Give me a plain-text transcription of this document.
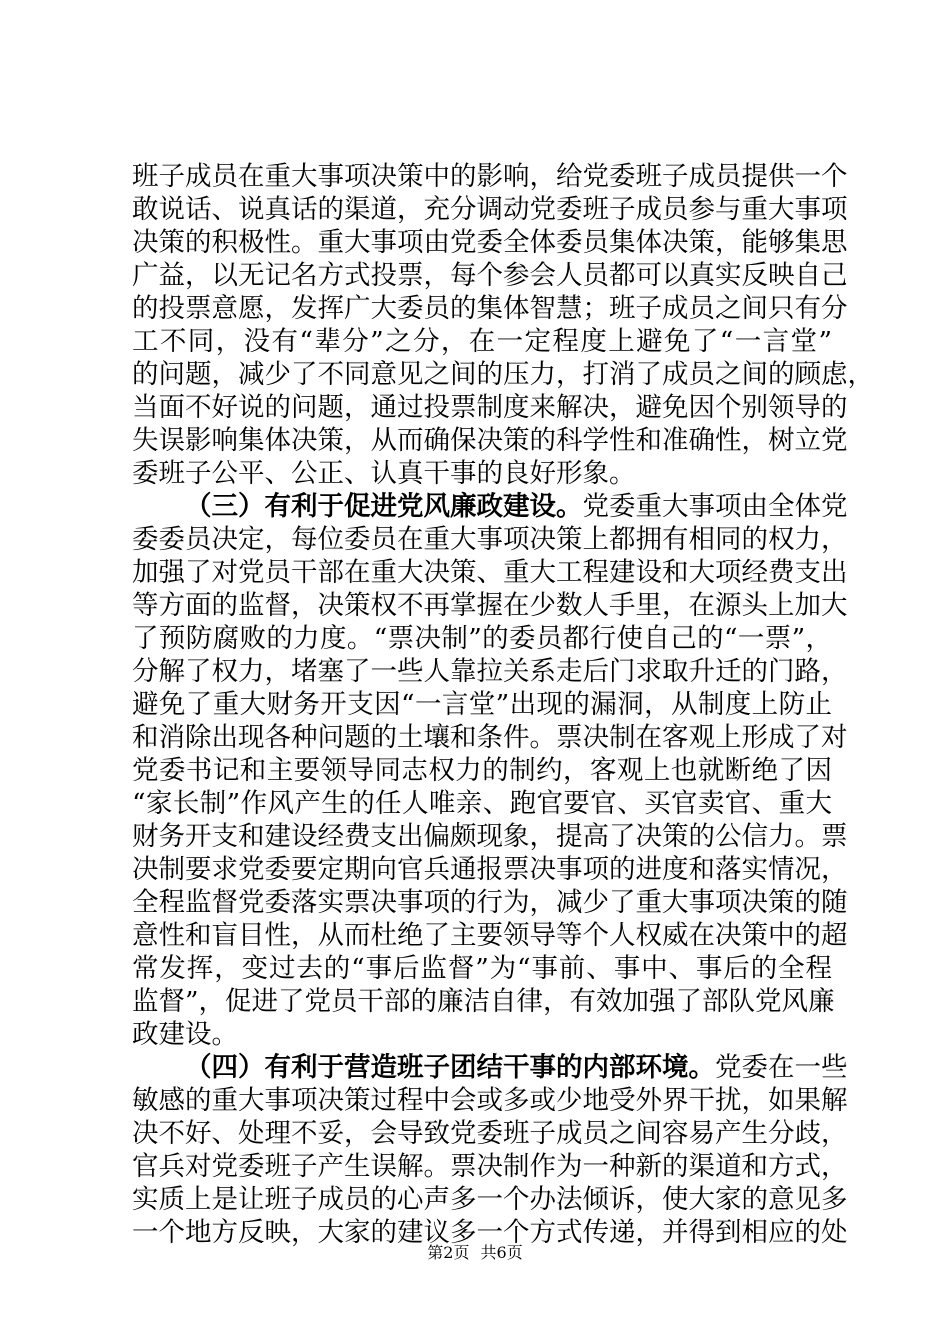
班子成员在重大事项决策中的影响，给党委班子成员提供一个
敢说话、说真话的渠道，充分调动党委班子成员参与重大事项
决策的积极性。重大事项由党委全体委员集体决策，能够集思
广益，以无记名方式投票，每个参会人员都可以真实反映自己
的投票意愿，发挥广大委员的集体智慧；班子成员之间只有分
工不同，没有“辈分”之分，在一定程度上避免了“一言堂”
的问题，减少了不同意见之间的压力，打消了成员之间的顾虑，
当面不好说的问题，通过投票制度来解决，避免因个别领导的
失误影响集体决策，从而确保决策的科学性和准确性，树立党
委班子公平、公正、认真干事的良好形象。
（三）有利于促进党风廉政建设。党委重大事项由全体党
委委员决定，每位委员在重大事项决策上都拥有相同的权力，
加强了对党员干部在重大决策、重大工程建设和大项经费支出
等方面的监督，决策权不再掌握在少数人手里，在源头上加大
了预防腐败的力度。“票决制”的委员都行使自己的“一票”，
分解了权力，堵塞了一些人靠拉关系走后门求取升迁的门路，
避免了重大财务开支因“一言堂”出现的漏洞，从制度上防止
和消除出现各种问题的土壤和条件。票决制在客观上形成了对
党委书记和主要领导同志权力的制约，客观上也就断绝了因
“家长制”作风产生的任人唯亲、跑官要官、买官卖官、重大
财务开支和建设经费支出偏颇现象，提高了决策的公信力。票
决制要求党委要定期向官兵通报票决事项的进度和落实情况，
全程监督党委落实票决事项的行为，减少了重大事项决策的随
意性和盲目性，从而杜绝了主要领导等个人权威在决策中的超
常发挥，变过去的“事后监督”为“事前、事中、事后的全程
监督”，促进了党员干部的廉洁自律，有效加强了部队党风廉
政建设。
（四）有利于营造班子团结干事的内部环境。党委在一些
敏感的重大事项决策过程中会或多或少地受外界干扰，如果解
决不好、处理不妥，会导致党委班子成员之间容易产生分歧，
官兵对党委班子产生误解。票决制作为一种新的渠道和方式，
实质上是让班子成员的心声多一个办法倾诉，使大家的意见多
一个地方反映，大家的建议多一个方式传递，并得到相应的处
第2页 共6页
